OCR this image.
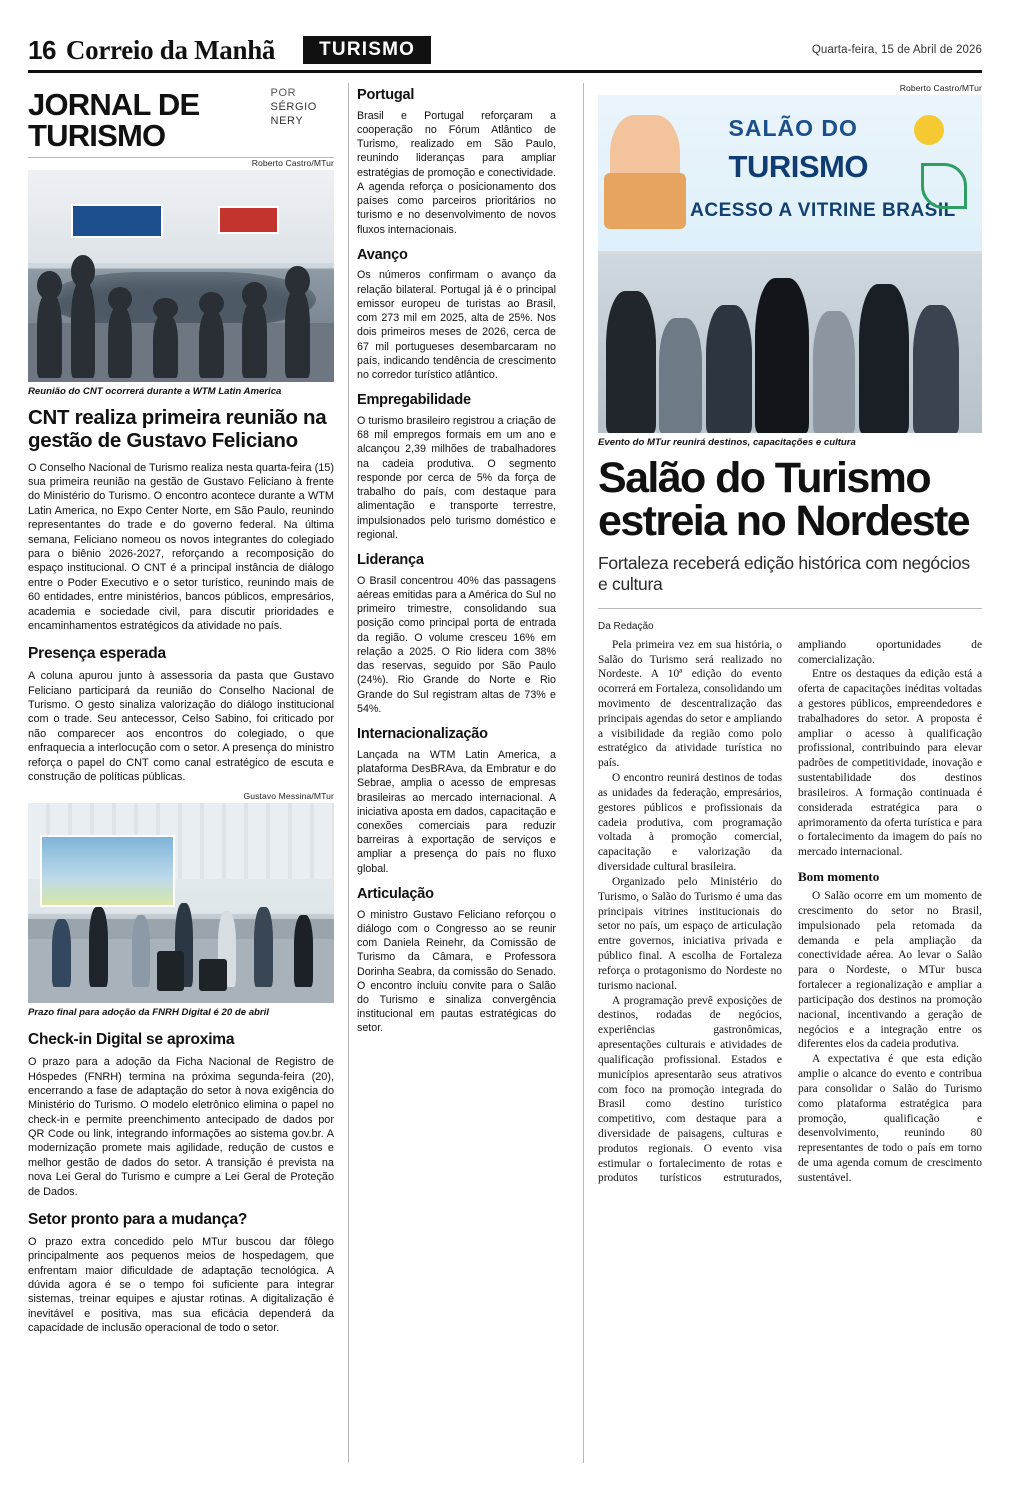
16 Correio da Manhã	TURISMO	Quarta-feira, 15 de Abril de 2026
JORNAL DE TURISMO
POR
SÉRGIO NERY
Roberto Castro/MTur
Reunião do CNT ocorrerá durante a WTM Latin America
CNT realiza primeira reunião na gestão de Gustavo Feliciano

O Conselho Nacional de Turismo realiza nesta quarta-feira (15) sua primeira reunião na gestão de Gustavo Feliciano à frente do Ministério do Turismo. O encontro acontece durante a WTM Latin America, no Expo Center Norte, em São Paulo, reunindo representantes do trade e do governo federal. Na última semana, Feliciano nomeou os novos integrantes do colegiado para o biênio 2026-2027, reforçando a recomposição do espaço institucional. O CNT é a principal instância de diálogo entre o Poder Executivo e o setor turístico, reunindo mais de 60 entidades, entre ministérios, bancos públicos, empresários, academia e sociedade civil, para discutir prioridades e encaminhamentos estratégicos da atividade no país.

Presença esperada

A coluna apurou junto à assessoria da pasta que Gustavo Feliciano participará da reunião do Conselho Nacional de Turismo. O gesto sinaliza valorização do diálogo institucional com o trade. Seu antecessor, Celso Sabino, foi criticado por não comparecer aos encontros do colegiado, o que enfraquecia a interlocução com o setor. A presença do ministro reforça o papel do CNT como canal estratégico de escuta e construção de políticas públicas.

Gustavo Messina/MTur
Prazo final para adoção da FNRH Digital é 20 de abril
Check-in Digital se aproxima

O prazo para a adoção da Ficha Nacional de Registro de Hóspedes (FNRH) termina na próxima segunda-feira (20), encerrando a fase de adaptação do setor à nova exigência do Ministério do Turismo. O modelo eletrônico elimina o papel no check-in e permite preenchimento antecipado de dados por QR Code ou link, integrando informações ao sistema gov.br. A modernização promete mais agilidade, redução de custos e melhor gestão de dados do setor. A transição é prevista na nova Lei Geral do Turismo e cumpre a Lei Geral de Proteção de Dados.

Setor pronto para a mudança?

O prazo extra concedido pelo MTur buscou dar fôlego principalmente aos pequenos meios de hospedagem, que enfrentam maior dificuldade de adaptação tecnológica. A dúvida agora é se o tempo foi suficiente para integrar sistemas, treinar equipes e ajustar rotinas. A digitalização é inevitável e positiva, mas sua eficácia dependerá da capacidade de inclusão operacional de todo o setor.

Portugal

Brasil e Portugal reforçaram a cooperação no Fórum Atlântico de Turismo, realizado em São Paulo, reunindo lideranças para ampliar estratégias de promoção e conectividade. A agenda reforça o posicionamento dos países como parceiros prioritários no turismo e no desenvolvimento de novos fluxos internacionais.

Avanço

Os números confirmam o avanço da relação bilateral. Portugal já é o principal emissor europeu de turistas ao Brasil, com 273 mil em 2025, alta de 25%. Nos dois primeiros meses de 2026, cerca de 67 mil portugueses desembarcaram no país, indicando tendência de crescimento no corredor turístico atlântico.

Empregabilidade

O turismo brasileiro registrou a criação de 68 mil empregos formais em um ano e alcançou 2,39 milhões de trabalhadores na cadeia produtiva. O segmento responde por cerca de 5% da força de trabalho do país, com destaque para alimentação e transporte terrestre, impulsionados pelo turismo doméstico e regional.

Liderança

O Brasil concentrou 40% das passagens aéreas emitidas para a América do Sul no primeiro trimestre, consolidando sua posição como principal porta de entrada da região. O volume cresceu 16% em relação a 2025. O Rio lidera com 38% das reservas, seguido por São Paulo (24%). Rio Grande do Norte e Rio Grande do Sul registram altas de 73% e 54%.

Internacionalização

Lançada na WTM Latin America, a plataforma DesBRAva, da Embratur e do Sebrae, amplia o acesso de empresas brasileiras ao mercado internacional. A iniciativa aposta em dados, capacitação e conexões comerciais para reduzir barreiras à exportação de serviços e ampliar a presença do país no fluxo global.

Articulação

O ministro Gustavo Feliciano reforçou o diálogo com o Congresso ao se reunir com Daniela Reinehr, da Comissão de Turismo da Câmara, e Professora Dorinha Seabra, da comissão do Senado. O encontro incluiu convite para o Salão do Turismo e sinaliza convergência institucional em pautas estratégicas do setor.

Roberto Castro/MTur
SALÃO DO
TURISMO
ACESSO A VITRINE BRASIL
Evento do MTur reunirá destinos, capacitações e cultura
Salão do Turismo estreia no Nordeste
Fortaleza receberá edição histórica com negócios e cultura
Da Redação

Pela primeira vez em sua história, o Salão do Turismo será realizado no Nordeste. A 10ª edição do evento ocorrerá em Fortaleza, consolidando um movimento de descentralização das principais agendas do setor e ampliando a visibilidade da região como polo estratégico da atividade turística no país.

O encontro reunirá destinos de todas as unidades da federação, empresários, gestores públicos e profissionais da cadeia produtiva, com programação voltada à promoção comercial, capacitação e valorização da diversidade cultural brasileira.

Organizado pelo Ministério do Turismo, o Salão do Turismo é uma das principais vitrines institucionais do setor no país, um espaço de articulação entre governos, iniciativa privada e público final. A escolha de Fortaleza reforça o protagonismo do Nordeste no turismo nacional.

A programação prevê exposições de destinos, rodadas de negócios, experiências gastronômicas, apresentações culturais e atividades de qualificação profissional. Estados e municípios apresentarão seus atrativos com foco na promoção integrada do Brasil como destino turístico competitivo, com destaque para a diversidade de paisagens, culturas e produtos regionais. O evento visa estimular o fortalecimento de rotas e produtos turísticos estruturados, ampliando oportunidades de comercialização.

Entre os destaques da edição está a oferta de capacitações inéditas voltadas a gestores públicos, empreendedores e trabalhadores do setor. A proposta é ampliar o acesso à qualificação profissional, contribuindo para elevar padrões de competitividade, inovação e sustentabilidade dos destinos brasileiros. A formação continuada é considerada estratégica para o aprimoramento da oferta turística e para o fortalecimento da imagem do país no mercado internacional.

Bom momento

O Salão ocorre em um momento de crescimento do setor no Brasil, impulsionado pela retomada da demanda e pela ampliação da conectividade aérea. Ao levar o Salão para o Nordeste, o MTur busca fortalecer a regionalização e ampliar a participação dos destinos na promoção nacional, incentivando a geração de negócios e a integração entre os diferentes elos da cadeia produtiva.

A expectativa é que esta edição amplie o alcance do evento e contribua para consolidar o Salão do Turismo como plataforma estratégica para promoção, qualificação e desenvolvimento, reunindo 80 representantes de todo o país em torno de uma agenda comum de crescimento sustentável.
